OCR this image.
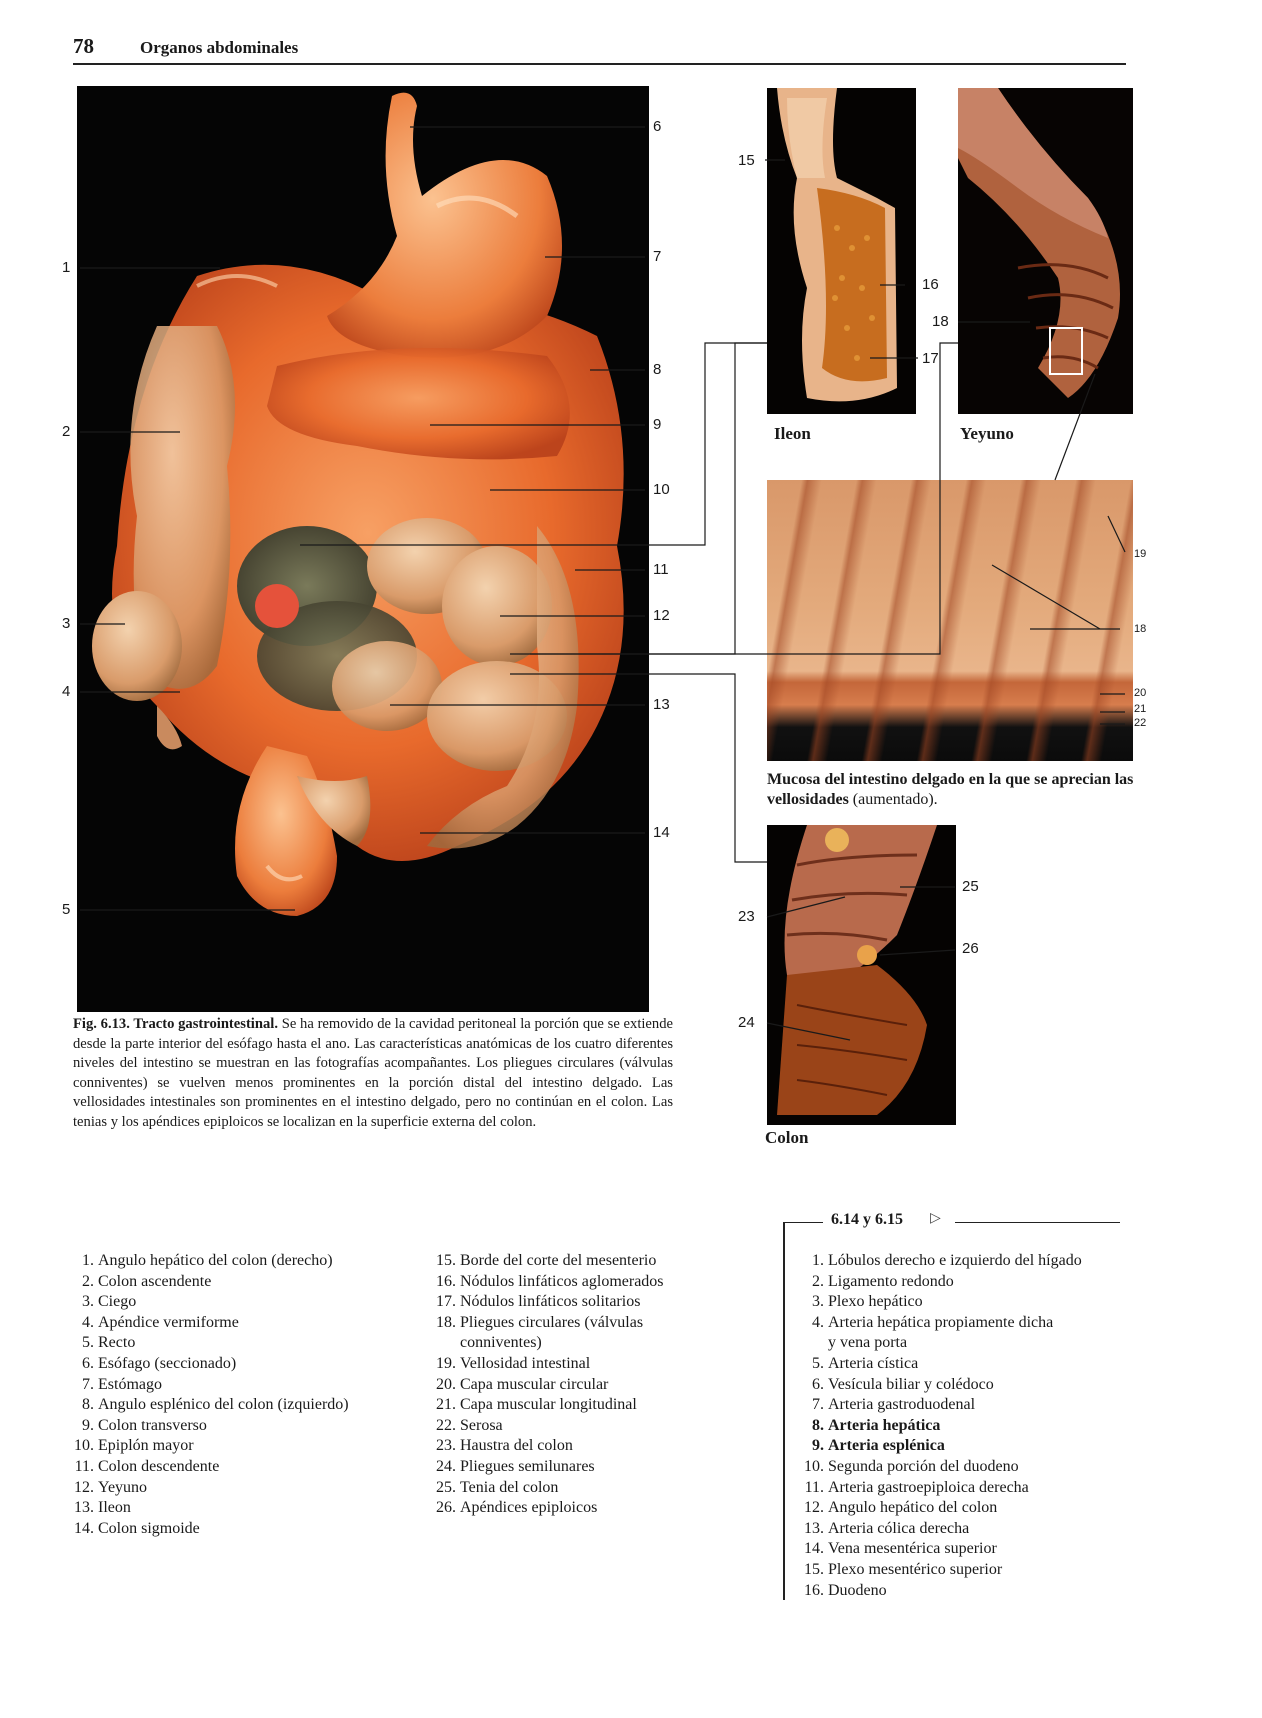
78	Organos abdominales
1
2
3
4
5
6
7
8
9
10
11
12
13
14
15
16
17
18
19
18
20
21
22
23
24
25
26
Ileon	Yeyuno
Colon
Mucosa del intestino delgado en la que se aprecian las vellosidades (aumentado).
Fig. 6.13. Tracto gastrointestinal. Se ha removido de la cavidad peritoneal la porción que se extiende desde la parte interior del esófago hasta el ano. Las características anatómicas de los cuatro diferentes niveles del intestino se muestran en las fotografías acompañantes. Los pliegues circulares (válvulas conniventes) se vuelven menos prominentes en la porción distal del intestino delgado. Las vellosidades intestinales son prominentes en el intestino delgado, pero no continúan en el colon. Las tenias y los apéndices epiploicos se localizan en la superficie externa del colon.
6.14 y 6.15 ▷
1. Angulo hepático del colon (derecho)
2. Colon ascendente
3. Ciego
4. Apéndice vermiforme
5. Recto
6. Esófago (seccionado)
7. Estómago
8. Angulo esplénico del colon (izquierdo)
9. Colon transverso
10. Epiplón mayor
11. Colon descendente
12. Yeyuno
13. Ileon
14. Colon sigmoide
15. Borde del corte del mesenterio
16. Nódulos linfáticos aglomerados
17. Nódulos linfáticos solitarios
18. Pliegues circulares (válvulas
conniventes)
19. Vellosidad intestinal
20. Capa muscular circular
21. Capa muscular longitudinal
22. Serosa
23. Haustra del colon
24. Pliegues semilunares
25. Tenia del colon
26. Apéndices epiploicos
1. Lóbulos derecho e izquierdo del hígado
2. Ligamento redondo
3. Plexo hepático
4. Arteria hepática propiamente dicha
y vena porta
5. Arteria cística
6. Vesícula biliar y colédoco
7. Arteria gastroduodenal
8. Arteria hepática
9. Arteria esplénica
10. Segunda porción del duodeno
11. Arteria gastroepiploica derecha
12. Angulo hepático del colon
13. Arteria cólica derecha
14. Vena mesentérica superior
15. Plexo mesentérico superior
16. Duodeno
